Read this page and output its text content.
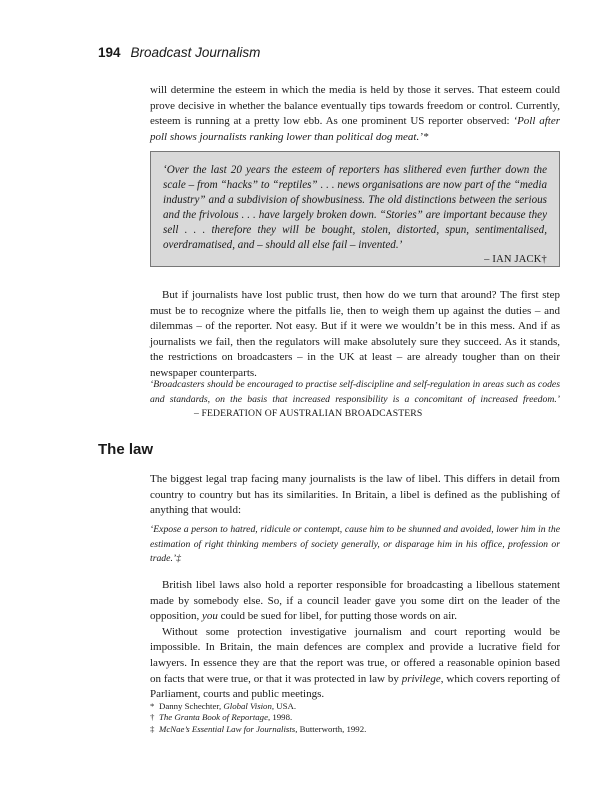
194 Broadcast Journalism

will determine the esteem in which the media is held by those it serves. That esteem could prove decisive in whether the balance eventually tips towards freedom or control. Currently, esteem is running at a pretty low ebb. As one prominent US reporter observed: ‘Poll after poll shows journalists ranking lower than political dog meat.’*

‘Over the last 20 years the esteem of reporters has slithered even further down the scale – from “hacks” to “reptiles” . . . news organisations are now part of the “media industry” and a subdivision of showbusiness. The old distinctions between the serious and the frivolous . . . have largely broken down. “Stories” are important because they sell . . . therefore they will be bought, stolen, distorted, spun, sentimentalised, overdramatised, and – should all else fail – invented.’

– IAN JACK†

But if journalists have lost public trust, then how do we turn that around? The first step must be to recognize where the pitfalls lie, then to weigh them up against the duties – and dilemmas – of the reporter. Not easy. But if it were we wouldn’t be in this mess. And if as journalists we fail, then the regulators will make absolutely sure they succeed. As it stands, the restrictions on broadcasters – in the UK at least – are already tougher than on their newspaper counterparts.

‘Broadcasters should be encouraged to practise self-discipline and self-regulation in areas such as codes and standards, on the basis that increased responsibility is a concomitant of increased freedom.’– FEDERATION OF AUSTRALIAN BROADCASTERS

The law

The biggest legal trap facing many journalists is the law of libel. This differs in detail from country to country but has its similarities. In Britain, a libel is defined as the publishing of anything that would:

‘Expose a person to hatred, ridicule or contempt, cause him to be shunned and avoided, lower him in the estimation of right thinking members of society generally, or disparage him in his office, profession or trade.’‡

British libel laws also hold a reporter responsible for broadcasting a libellous statement made by somebody else. So, if a council leader gave you some dirt on the leader of the opposition, you could be sued for libel, for putting those words on air.

Without some protection investigative journalism and court reporting would be impossible. In Britain, the main defences are complex and provide a lucrative field for lawyers. In essence they are that the report was true, or offered a reasonable opinion based on facts that were true, or that it was protected in law by privilege, which covers reporting of Parliament, courts and public meetings.

* Danny Schechter, Global Vision, USA.
† The Granta Book of Reportage, 1998.
‡ McNae’s Essential Law for Journalists, Butterworth, 1992.
